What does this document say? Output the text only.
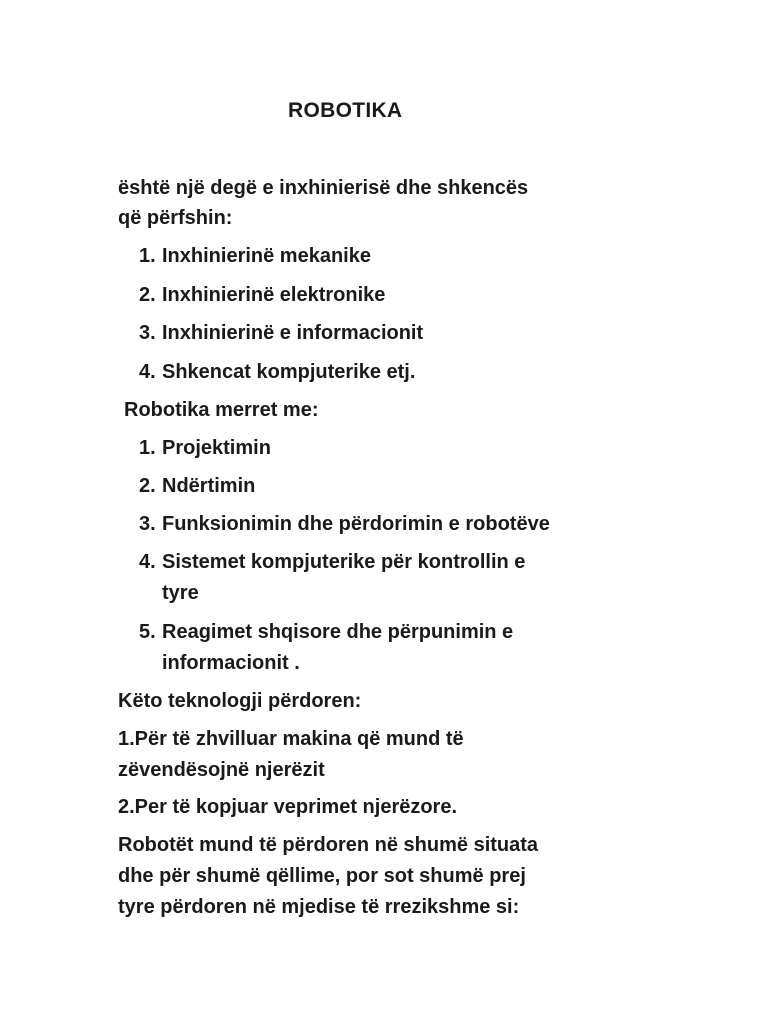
ROBOTIKA
është një degë e inxhinierisë dhe shkencës
që përfshin:
1. Inxhinierinë mekanike
2. Inxhinierinë elektronike
3. Inxhinierinë e informacionit
4. Shkencat kompjuterike etj.
Robotika merret me:
1. Projektimin
2. Ndërtimin
3. Funksionimin dhe përdorimin e robotëve
4. Sistemet kompjuterike për kontrollin e
tyre
5. Reagimet shqisore dhe përpunimin e
informacionit .
Këto teknologji përdoren:
1.Për të zhvilluar makina që mund të
zëvendësojnë njerëzit
2.Per të kopjuar veprimet njerëzore.
Robotët mund të përdoren në shumë situata
dhe për shumë qëllime, por sot shumë prej
tyre përdoren në mjedise të rrezikshme si:
